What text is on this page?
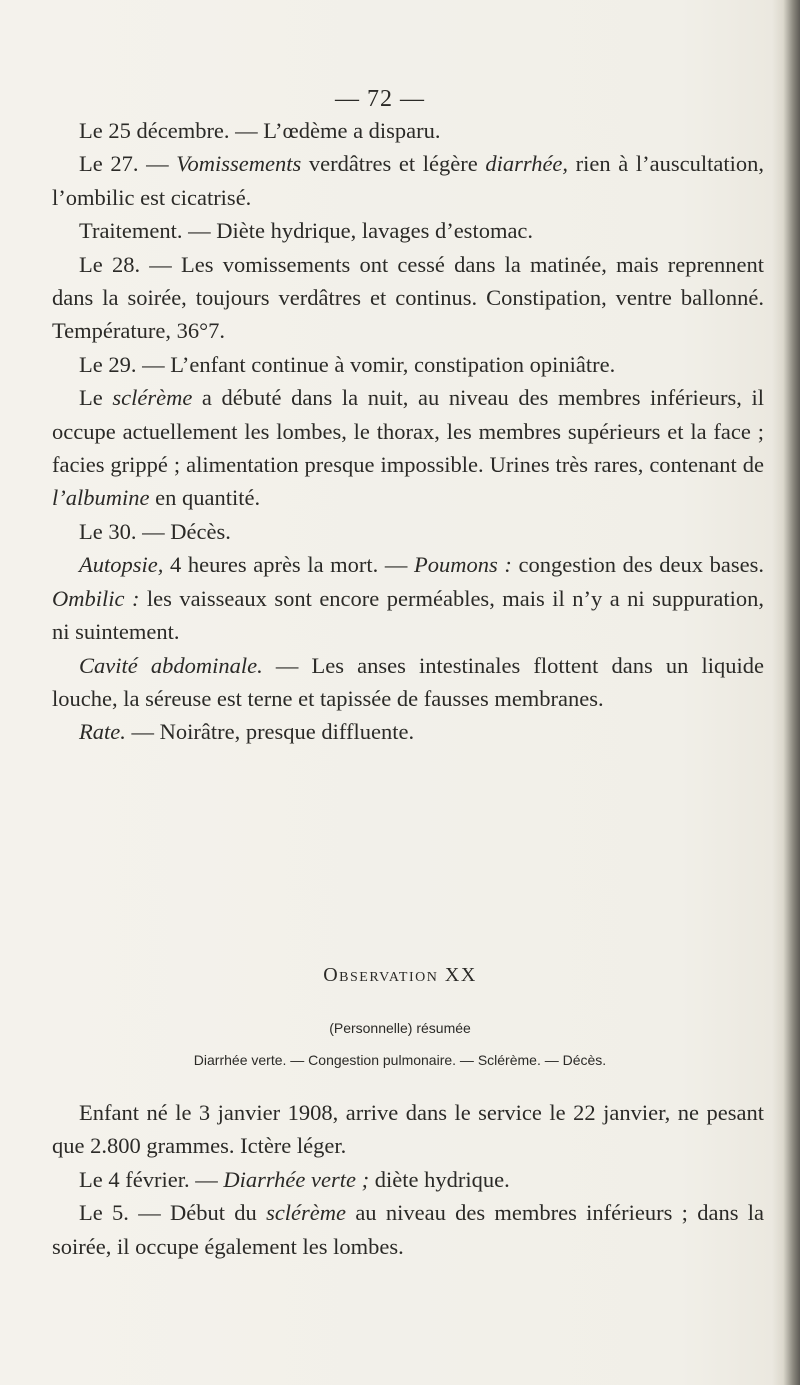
— 72 —

Le 25 décembre. — L’œdème a disparu.

Le 27. — Vomissements verdâtres et légère diarrhée, rien à l’auscultation, l’ombilic est cicatrisé.

Traitement. — Diète hydrique, lavages d’estomac.

Le 28. — Les vomissements ont cessé dans la matinée, mais reprennent dans la soirée, toujours verdâtres et continus. Constipation, ventre ballonné. Température, 36°7.

Le 29. — L’enfant continue à vomir, constipation opiniâtre.

Le sclérème a débuté dans la nuit, au niveau des membres inférieurs, il occupe actuellement les lombes, le thorax, les membres supérieurs et la face ; facies grippé ; alimentation presque impossible. Urines très rares, contenant de l’albumine en quantité.

Le 30. — Décès.

Autopsie, 4 heures après la mort. — Poumons : congestion des deux bases. Ombilic : les vaisseaux sont encore perméables, mais il n’y a ni suppuration, ni suintement.

Cavité abdominale. — Les anses intestinales flottent dans un liquide louche, la séreuse est terne et tapissée de fausses membranes.

Rate. — Noirâtre, presque diffluente.

Observation XX
(Personnelle) résumée
Diarrhée verte. — Congestion pulmonaire. — Sclérème. — Décès.

Enfant né le 3 janvier 1908, arrive dans le service le 22 janvier, ne pesant que 2.800 grammes. Ictère léger.

Le 4 février. — Diarrhée verte ; diète hydrique.

Le 5. — Début du sclérème au niveau des membres inférieurs ; dans la soirée, il occupe également les lombes.
